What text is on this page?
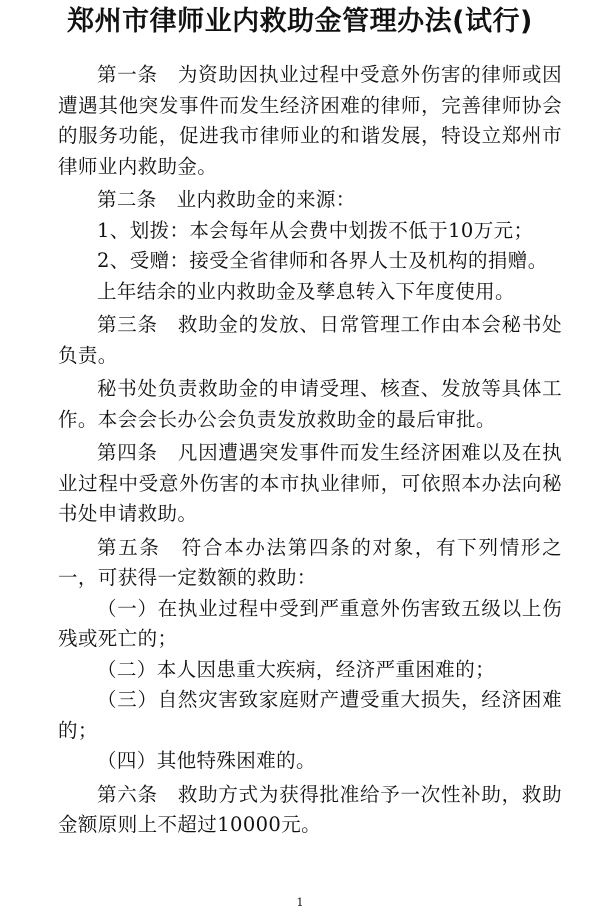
郑州市律师业内救助金管理办法(试行)

第一条　为资助因执业过程中受意外伤害的律师或因遭遇其他突发事件而发生经济困难的律师，完善律师协会的服务功能，促进我市律师业的和谐发展，特设立郑州市律师业内救助金。

第二条　业内救助金的来源：

1、划拨：本会每年从会费中划拨不低于10万元；

2、受赠：接受全省律师和各界人士及机构的捐赠。

上年结余的业内救助金及孳息转入下年度使用。

第三条　救助金的发放、日常管理工作由本会秘书处负责。

秘书处负责救助金的申请受理、核查、发放等具体工作。本会会长办公会负责发放救助金的最后审批。

第四条　凡因遭遇突发事件而发生经济困难以及在执业过程中受意外伤害的本市执业律师，可依照本办法向秘书处申请救助。

第五条　符合本办法第四条的对象，有下列情形之一，可获得一定数额的救助：

（一）在执业过程中受到严重意外伤害致五级以上伤残或死亡的；

（二）本人因患重大疾病，经济严重困难的；

（三）自然灾害致家庭财产遭受重大损失，经济困难的；

（四）其他特殊困难的。

第六条　救助方式为获得批准给予一次性补助，救助金额原则上不超过10000元。

1
